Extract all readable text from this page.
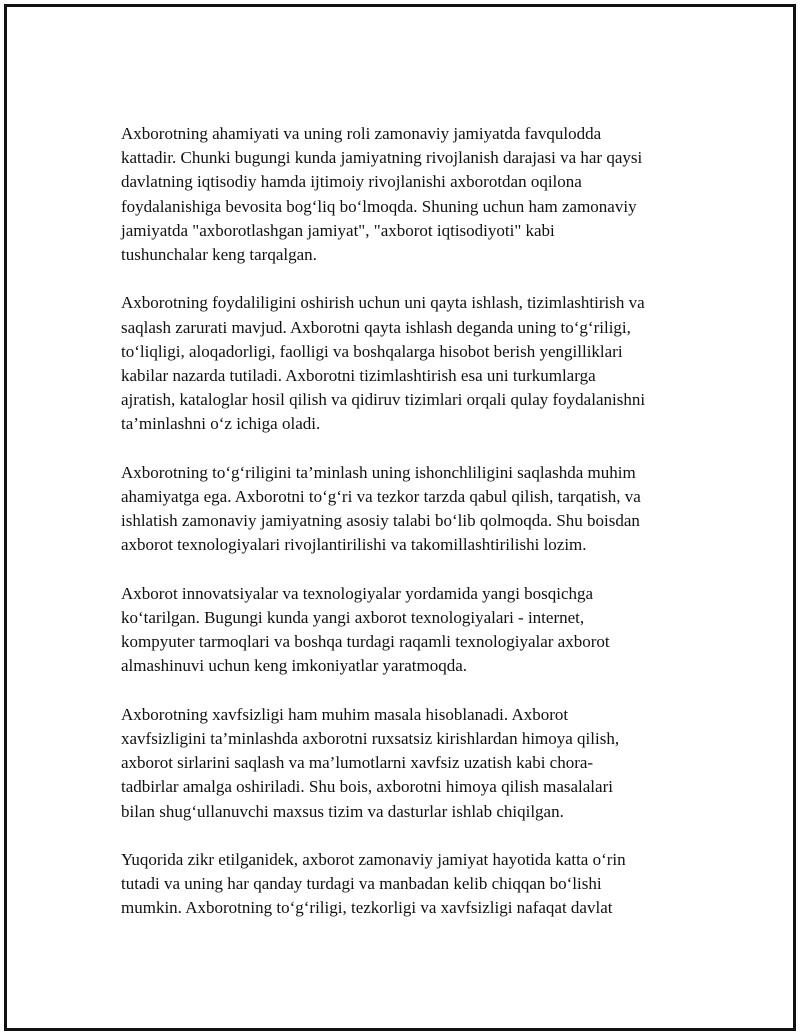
Axborotning ahamiyati va uning roli zamonaviy jamiyatda favqulodda
kattadir. Chunki bugungi kunda jamiyatning rivojlanish darajasi va har qaysi
davlatning iqtisodiy hamda ijtimoiy rivojlanishi axborotdan oqilona
foydalanishiga bevosita bog‘liq bo‘lmoqda. Shuning uchun ham zamonaviy
jamiyatda "axborotlashgan jamiyat", "axborot iqtisodiyoti" kabi
tushunchalar keng tarqalgan.

Axborotning foydaliligini oshirish uchun uni qayta ishlash, tizimlashtirish va
saqlash zarurati mavjud. Axborotni qayta ishlash deganda uning to‘g‘riligi,
to‘liqligi, aloqadorligi, faolligi va boshqalarga hisobot berish yengilliklari
kabilar nazarda tutiladi. Axborotni tizimlashtirish esa uni turkumlarga
ajratish, kataloglar hosil qilish va qidiruv tizimlari orqali qulay foydalanishni
ta’minlashni o‘z ichiga oladi.

Axborotning to‘g‘riligini ta’minlash uning ishonchliligini saqlashda muhim
ahamiyatga ega. Axborotni to‘g‘ri va tezkor tarzda qabul qilish, tarqatish, va
ishlatish zamonaviy jamiyatning asosiy talabi bo‘lib qolmoqda. Shu boisdan
axborot texnologiyalari rivojlantirilishi va takomillashtirilishi lozim.

Axborot innovatsiyalar va texnologiyalar yordamida yangi bosqichga
ko‘tarilgan. Bugungi kunda yangi axborot texnologiyalari - internet,
kompyuter tarmoqlari va boshqa turdagi raqamli texnologiyalar axborot
almashinuvi uchun keng imkoniyatlar yaratmoqda.

Axborotning xavfsizligi ham muhim masala hisoblanadi. Axborot
xavfsizligini ta’minlashda axborotni ruxsatsiz kirishlardan himoya qilish,
axborot sirlarini saqlash va ma’lumotlarni xavfsiz uzatish kabi chora-
tadbirlar amalga oshiriladi. Shu bois, axborotni himoya qilish masalalari
bilan shug‘ullanuvchi maxsus tizim va dasturlar ishlab chiqilgan.

Yuqorida zikr etilganidek, axborot zamonaviy jamiyat hayotida katta o‘rin
tutadi va uning har qanday turdagi va manbadan kelib chiqqan bo‘lishi
mumkin. Axborotning to‘g‘riligi, tezkorligi va xavfsizligi nafaqat davlat
